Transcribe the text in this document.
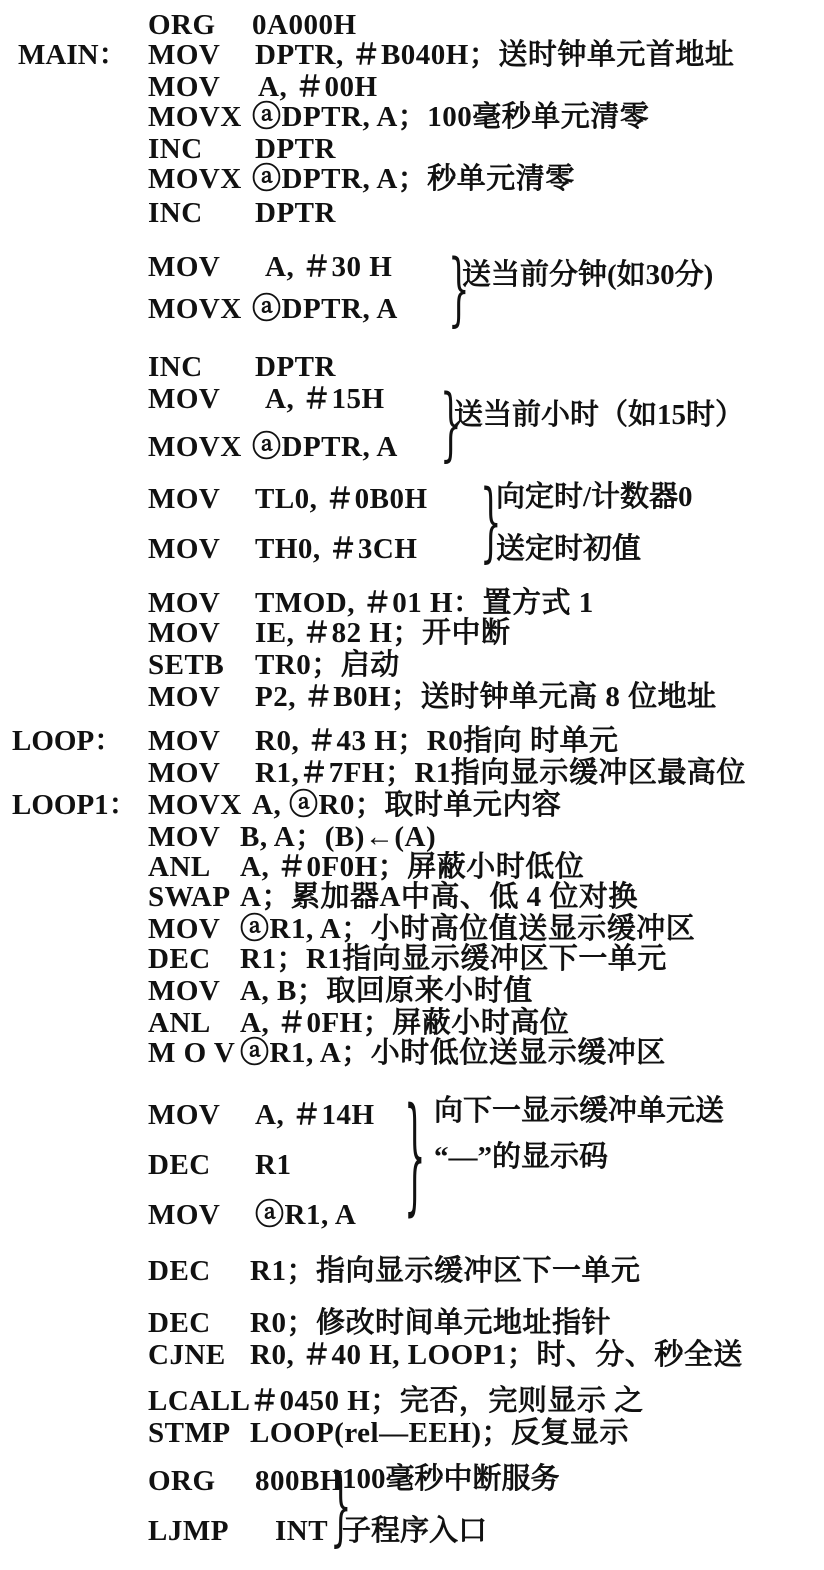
ORG 0A000H
MAIN： MOV DPTR, ＃B040H；送时钟单元首地址
MOV A, ＃00H
MOVX ⓐDPTR, A；100毫秒单元清零
INC DPTR
MOVX ⓐDPTR, A；秒单元清零
INC DPTR
MOV A, ＃30 H
MOVX ⓐDPTR, A
INC DPTR
MOV A, ＃15H
MOVX ⓐDPTR, A
MOV TL0, ＃0B0H
MOV TH0, ＃3CH
MOV TMOD, ＃01 H：置方式 1
MOV IE, ＃82 H；开中断
SETB TR0；启动
MOV P2, ＃B0H；送时钟单元高 8 位地址
LOOP： MOV R0, ＃43 H；R0指向 时单元
MOV R1,＃7FH；R1指向显示缓冲区最高位
LOOP1： MOVX A, ⓐR0；取时单元内容
MOV B, A；(B)←(A)
ANL A, ＃0F0H；屏蔽小时低位
SWAP A；累加器A中高、低 4 位对换
MOV ⓐR1, A；小时高位值送显示缓冲区
DEC R1；R1指向显示缓冲区下一单元
MOV A, B；取回原来小时值
ANL A, ＃0FH；屏蔽小时高位
M O V ⓐR1, A；小时低位送显示缓冲区
MOV A, ＃14H
DEC R1
MOV ⓐR1, A
DEC R1；指向显示缓冲区下一单元
DEC R0；修改时间单元地址指针
CJNE R0, ＃40 H, LOOP1；时、分、秒全送
LCALL＃0450 H；完否，完则显示 之
STMP LOOP(rel—EEH)；反复显示
ORG 800BH
LJMP INT
}
送当前分钟(如30分)
}
送当前小时（如15时）
}
向定时/计数器0
送定时初值
} 向下一显示缓冲单元送
“—”的显示码
}
100毫秒中断服务
子程序入口
